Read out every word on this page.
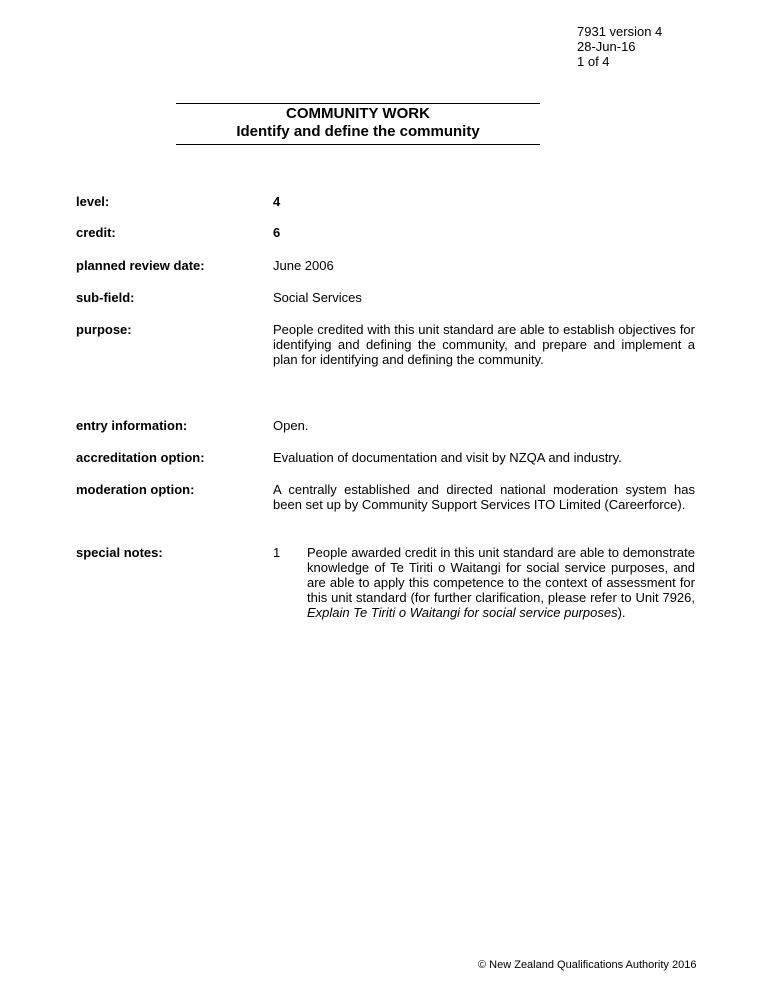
7931 version 4
28-Jun-16
1 of 4
COMMUNITY WORK
Identify and define the community
level:	4
credit:	6
planned review date:	June 2006
sub-field:	Social Services
purpose:	People credited with this unit standard are able to establish objectives for identifying and defining the community, and prepare and implement a plan for identifying and defining the community.
entry information:	Open.
accreditation option:	Evaluation of documentation and visit by NZQA and industry.
moderation option:	A centrally established and directed national moderation system has been set up by Community Support Services ITO Limited (Careerforce).
special notes:	1 People awarded credit in this unit standard are able to demonstrate knowledge of Te Tiriti o Waitangi for social service purposes, and are able to apply this competence to the context of assessment for this unit standard (for further clarification, please refer to Unit 7926, Explain Te Tiriti o Waitangi for social service purposes).
© New Zealand Qualifications Authority 2016
